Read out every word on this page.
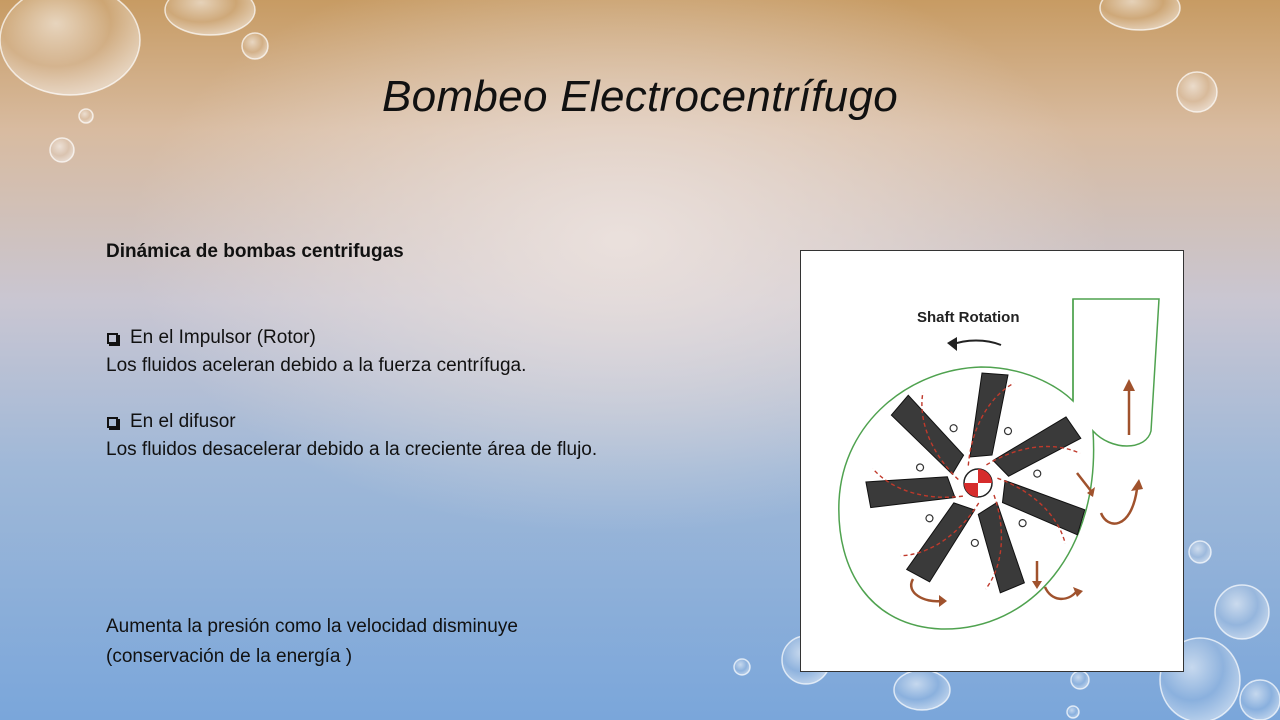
Bombeo Electrocentrífugo
Dinámica de bombas centrifugas
En el Impulsor (Rotor)
Los fluidos aceleran debido a la fuerza centrífuga.
En el difusor
Los fluidos desacelerar debido a la creciente área de flujo.
Aumenta la presión como la velocidad disminuye
(conservación de la energía )
Shaft Rotation
